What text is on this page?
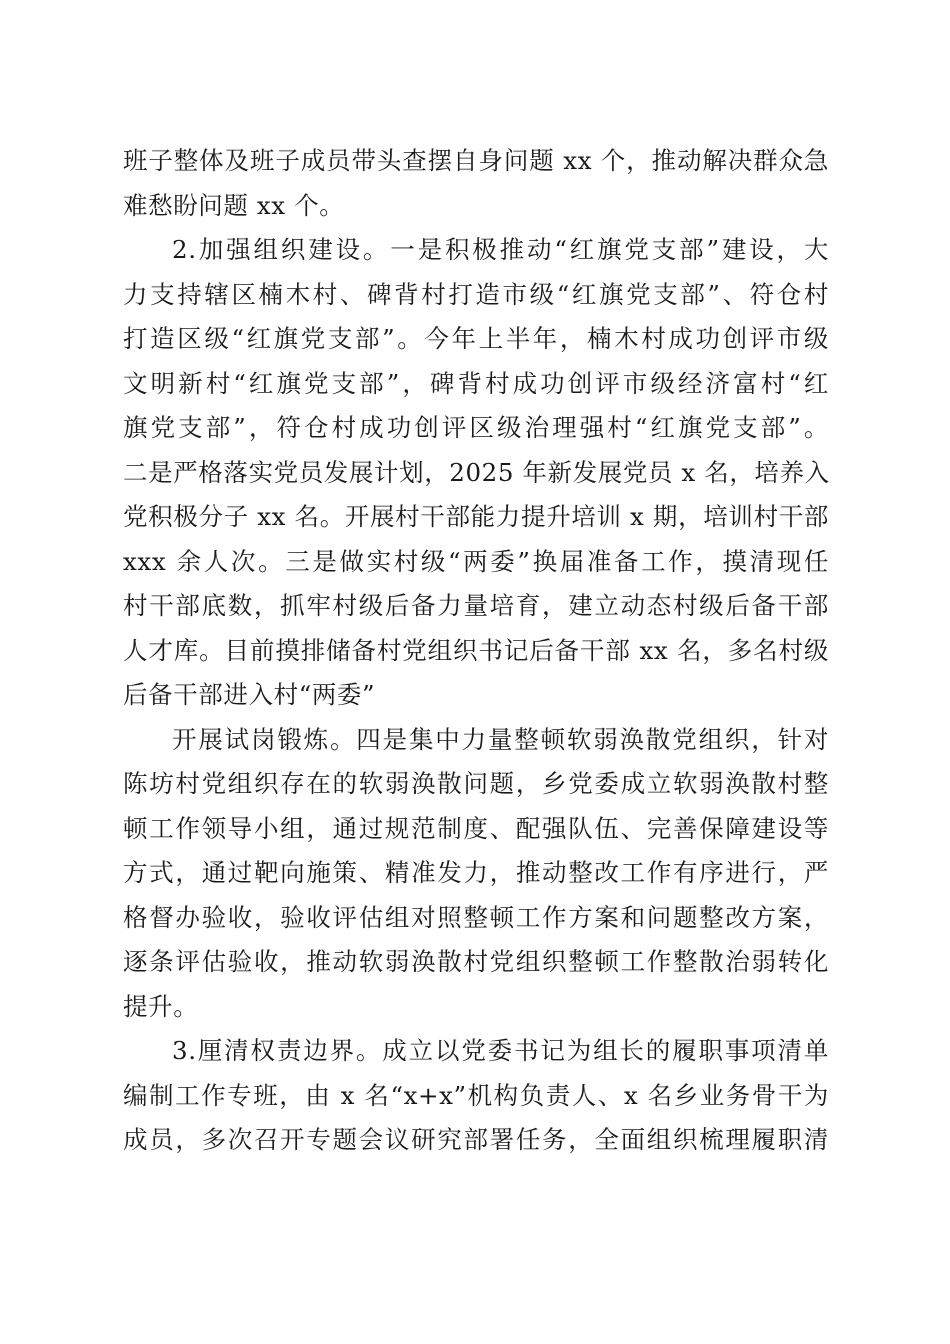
班子整体及班子成员带头查摆自身问题 xx 个，推动解决群众急
难愁盼问题 xx 个。
2.加强组织建设。一是积极推动“红旗党支部”建设，大
力支持辖区楠木村、碑背村打造市级“红旗党支部”、符仓村
打造区级“红旗党支部”。今年上半年，楠木村成功创评市级
文明新村“红旗党支部”，碑背村成功创评市级经济富村“红
旗党支部”，符仓村成功创评区级治理强村“红旗党支部”。
二是严格落实党员发展计划，2025 年新发展党员 x 名，培养入
党积极分子 xx 名。开展村干部能力提升培训 x 期，培训村干部
xxx 余人次。三是做实村级“两委”换届准备工作，摸清现任
村干部底数，抓牢村级后备力量培育，建立动态村级后备干部
人才库。目前摸排储备村党组织书记后备干部 xx 名，多名村级
后备干部进入村“两委”
开展试岗锻炼。四是集中力量整顿软弱涣散党组织，针对
陈坊村党组织存在的软弱涣散问题，乡党委成立软弱涣散村整
顿工作领导小组，通过规范制度、配强队伍、完善保障建设等
方式，通过靶向施策、精准发力，推动整改工作有序进行，严
格督办验收，验收评估组对照整顿工作方案和问题整改方案，
逐条评估验收，推动软弱涣散村党组织整顿工作整散治弱转化
提升。
3.厘清权责边界。成立以党委书记为组长的履职事项清单
编制工作专班，由 x 名“x+x”机构负责人、x 名乡业务骨干为
成员，多次召开专题会议研究部署任务，全面组织梳理履职清
